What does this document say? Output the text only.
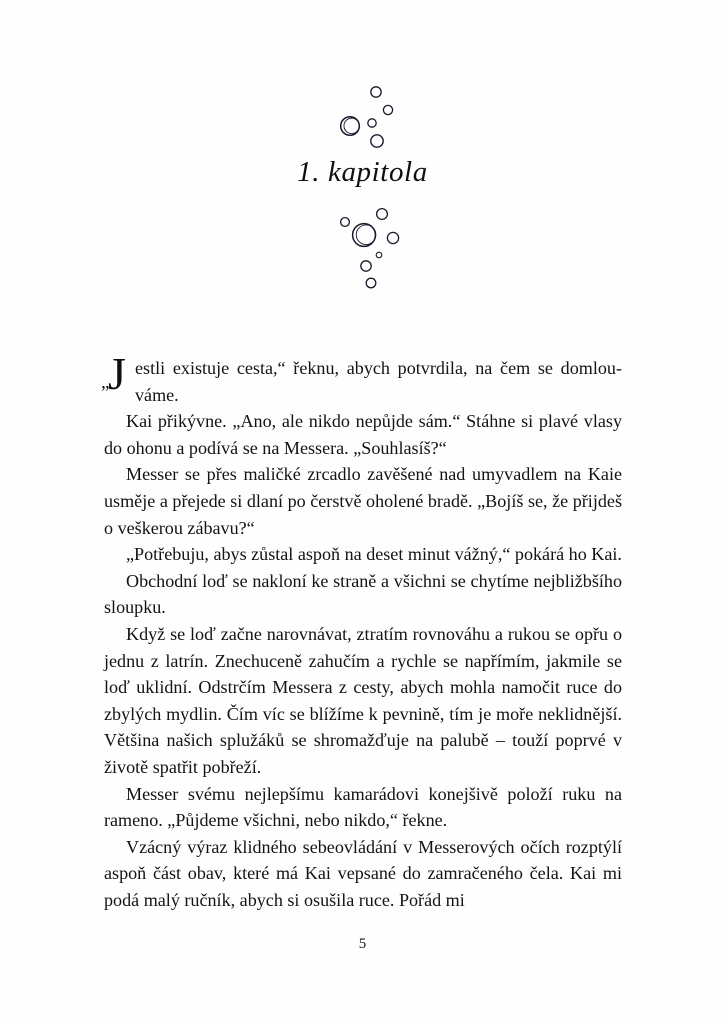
1. kapitola

„
J estli existuje cesta,“ řeknu, abych potvrdila, na čem se domlouváme.

Kai přikývne. „Ano, ale nikdo nepůjde sám.“ Stáhne si plavé vlasy do ohonu a podívá se na Messera. „Souhlasíš?“

Messer se přes maličké zrcadlo zavěšené nad umyvadlem na Kaie usměje a přejede si dlaní po čerstvě oholené bradě. „Bojíš se, že přijdeš o veškerou zábavu?“

„Potřebuju, abys zůstal aspoň na deset minut vážný,“ pokárá ho Kai.

Obchodní loď se nakloní ke straně a všichni se chytíme nejbližbšího sloupku.

Když se loď začne narovnávat, ztratím rovnováhu a rukou se opřu o jednu z latrín. Znechuceně zahučím a rychle se napřímím, jakmile se loď uklidní. Odstrčím Messera z cesty, abych mohla namočit ruce do zbylých mydlin. Čím víc se blížíme k pevnině, tím je moře neklidnější. Většina našich splužáků se shromažďuje na palubě – touží poprvé v životě spatřit pobřeží.

Messer svému nejlepšímu kamarádovi konejšivě položí ruku na rameno. „Půjdeme všichni, nebo nikdo,“ řekne.

Vzácný výraz klidného sebeovládání v Messerových očích rozptýlí aspoň část obav, které má Kai vepsané do zamračeného čela. Kai mi podá malý ručník, abych si osušila ruce. Pořád mi

5
